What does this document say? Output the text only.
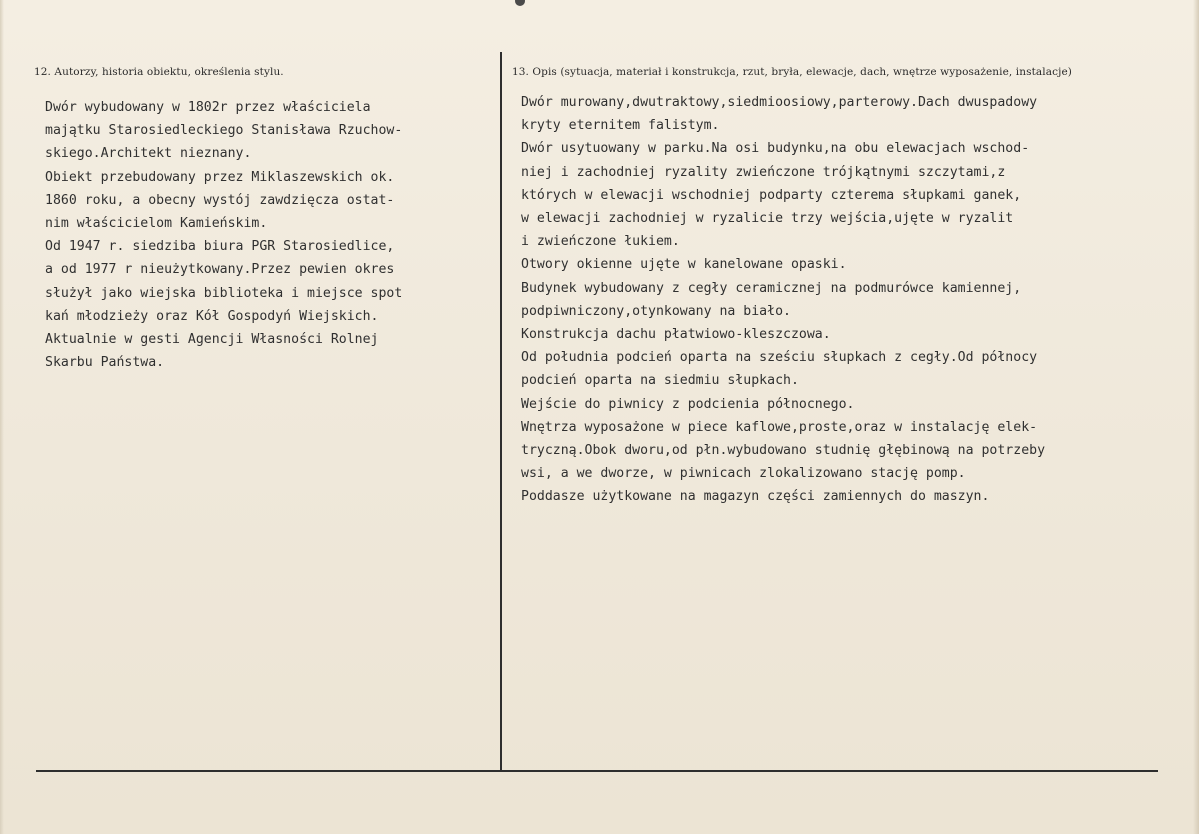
12. Autorzy, historia obiektu, określenia stylu.

Dwór wybudowany w 1802r przez właściciela
majątku Starosiedleckiego Stanisława Rzuchow-
skiego.Architekt nieznany.
Obiekt przebudowany przez Miklaszewskich ok.
1860 roku, a obecny wystój zawdzięcza ostat-
nim właścicielom Kamieńskim.
Od 1947 r. siedziba biura PGR Starosiedlice,
a od 1977 r nieużytkowany.Przez pewien okres
służył jako wiejska biblioteka i miejsce spot
kań młodzieży oraz Kół Gospodyń Wiejskich.
Aktualnie w gesti Agencji Własności Rolnej
Skarbu Państwa.

13. Opis (sytuacja, materiał i konstrukcja, rzut, bryła, elewacje, dach, wnętrze wyposażenie, instalacje)

Dwór murowany,dwutraktowy,siedmioosiowy,parterowy.Dach dwuspadowy
kryty eternitem falistym.
Dwór usytuowany w parku.Na osi budynku,na obu elewacjach wschod-
niej i zachodniej ryzality zwieńczone trójkątnymi szczytami,z
których w elewacji wschodniej podparty czterema słupkami ganek,
w elewacji zachodniej w ryzalicie trzy wejścia,ujęte w ryzalit
i zwieńczone łukiem.
Otwory okienne ujęte w kanelowane opaski.
Budynek wybudowany z cegły ceramicznej na podmurówce kamiennej,
podpiwniczony,otynkowany na biało.
Konstrukcja dachu płatwiowo-kleszczowa.
Od południa podcień oparta na sześciu słupkach z cegły.Od północy
podcień oparta na siedmiu słupkach.
Wejście do piwnicy z podcienia północnego.
Wnętrza wyposażone w piece kaflowe,proste,oraz w instalację elek-
tryczną.Obok dworu,od płn.wybudowano studnię głębinową na potrzeby
wsi, a we dworze, w piwnicach zlokalizowano stację pomp.
Poddasze użytkowane na magazyn części zamiennych do maszyn.
